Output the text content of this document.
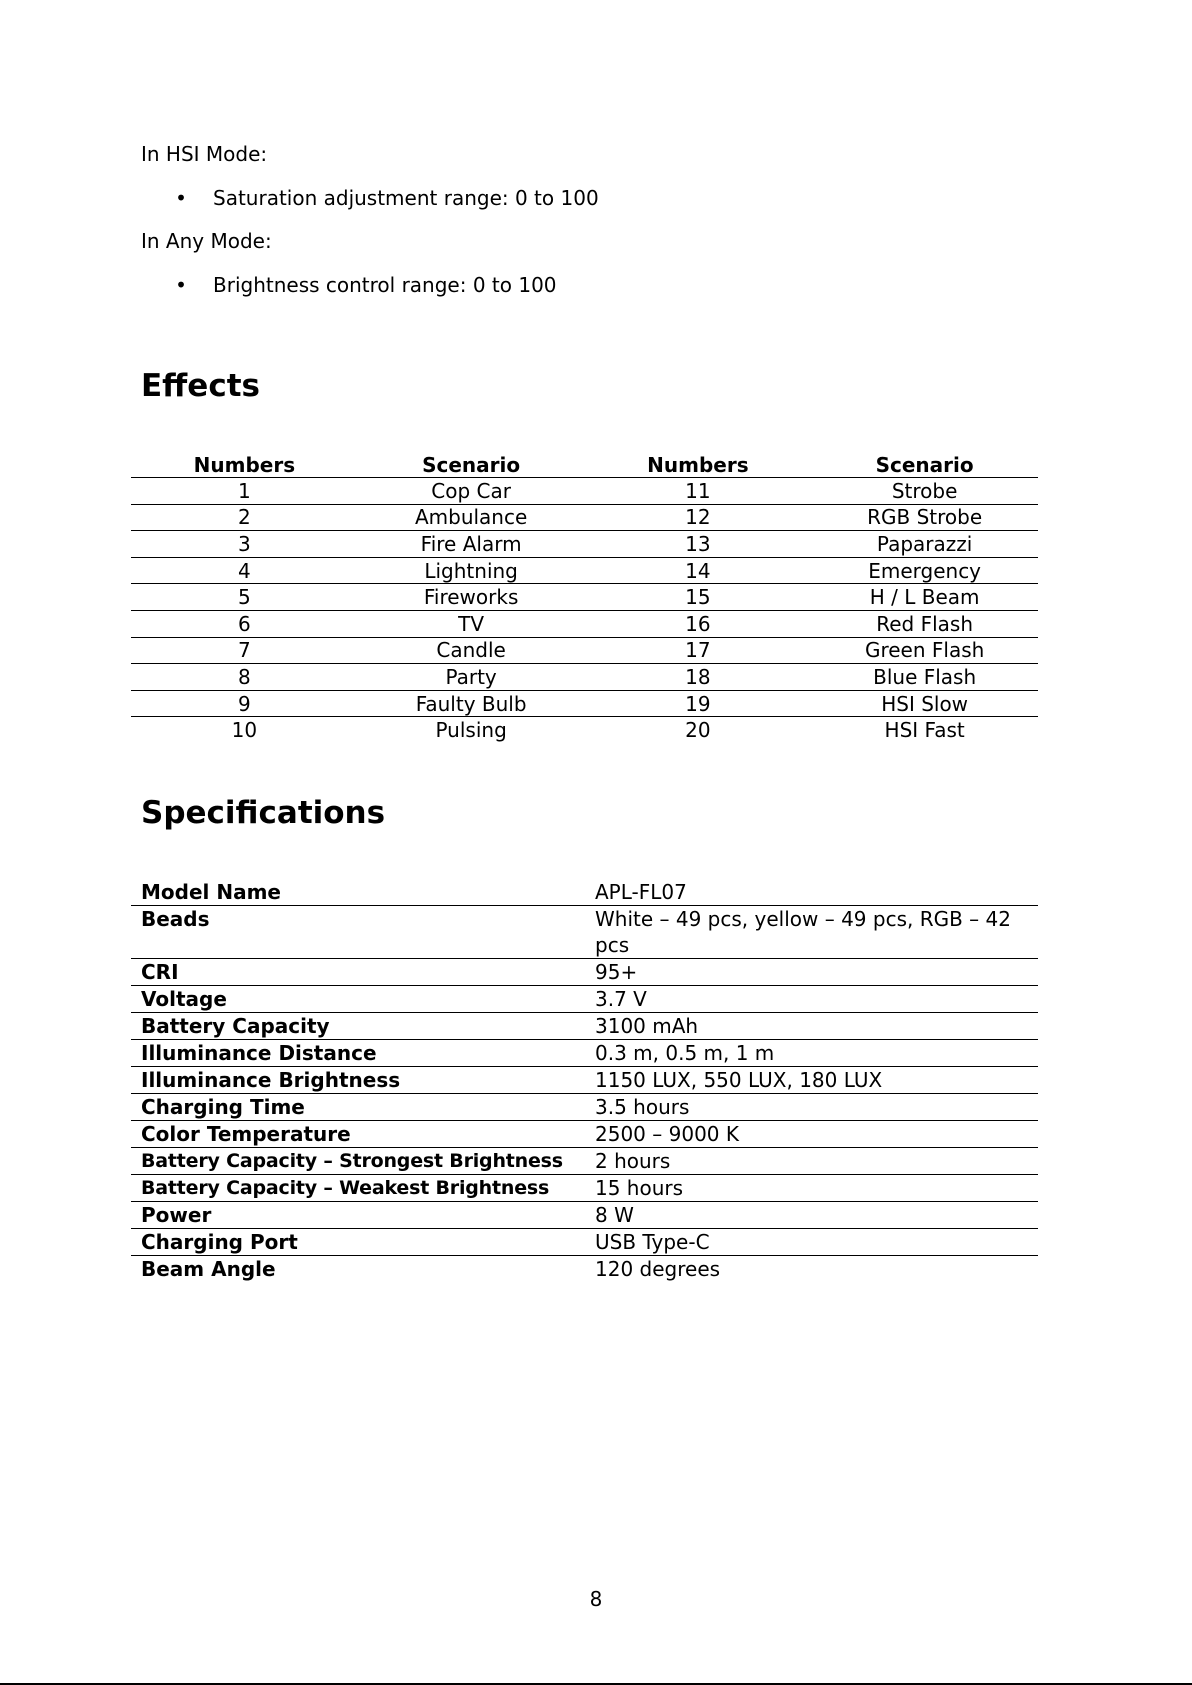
In HSI Mode:

•	Saturation adjustment range: 0 to 100

In Any Mode:

•	Brightness control range: 0 to 100
Effects
Numbers	Scenario	Numbers	Scenario
1	Cop Car	11	Strobe
2	Ambulance	12	RGB Strobe
3	Fire Alarm	13	Paparazzi
4	Lightning	14	Emergency
5	Fireworks	15	H / L Beam
6	TV	16	Red Flash
7	Candle	17	Green Flash
8	Party	18	Blue Flash
9	Faulty Bulb	19	HSI Slow
10	Pulsing	20	HSI Fast
Specifications
Model Name	APL-FL07
Beads	White – 49 pcs, yellow – 49 pcs, RGB – 42 pcs
CRI	95+
Voltage	3.7 V
Battery Capacity	3100 mAh
Illuminance Distance	0.3 m, 0.5 m, 1 m
Illuminance Brightness	1150 LUX, 550 LUX, 180 LUX
Charging Time	3.5 hours
Color Temperature	2500 – 9000 K
Battery Capacity – Strongest Brightness	2 hours
Battery Capacity – Weakest Brightness	15 hours
Power	8 W
Charging Port	USB Type-C
Beam Angle	120 degrees
8
